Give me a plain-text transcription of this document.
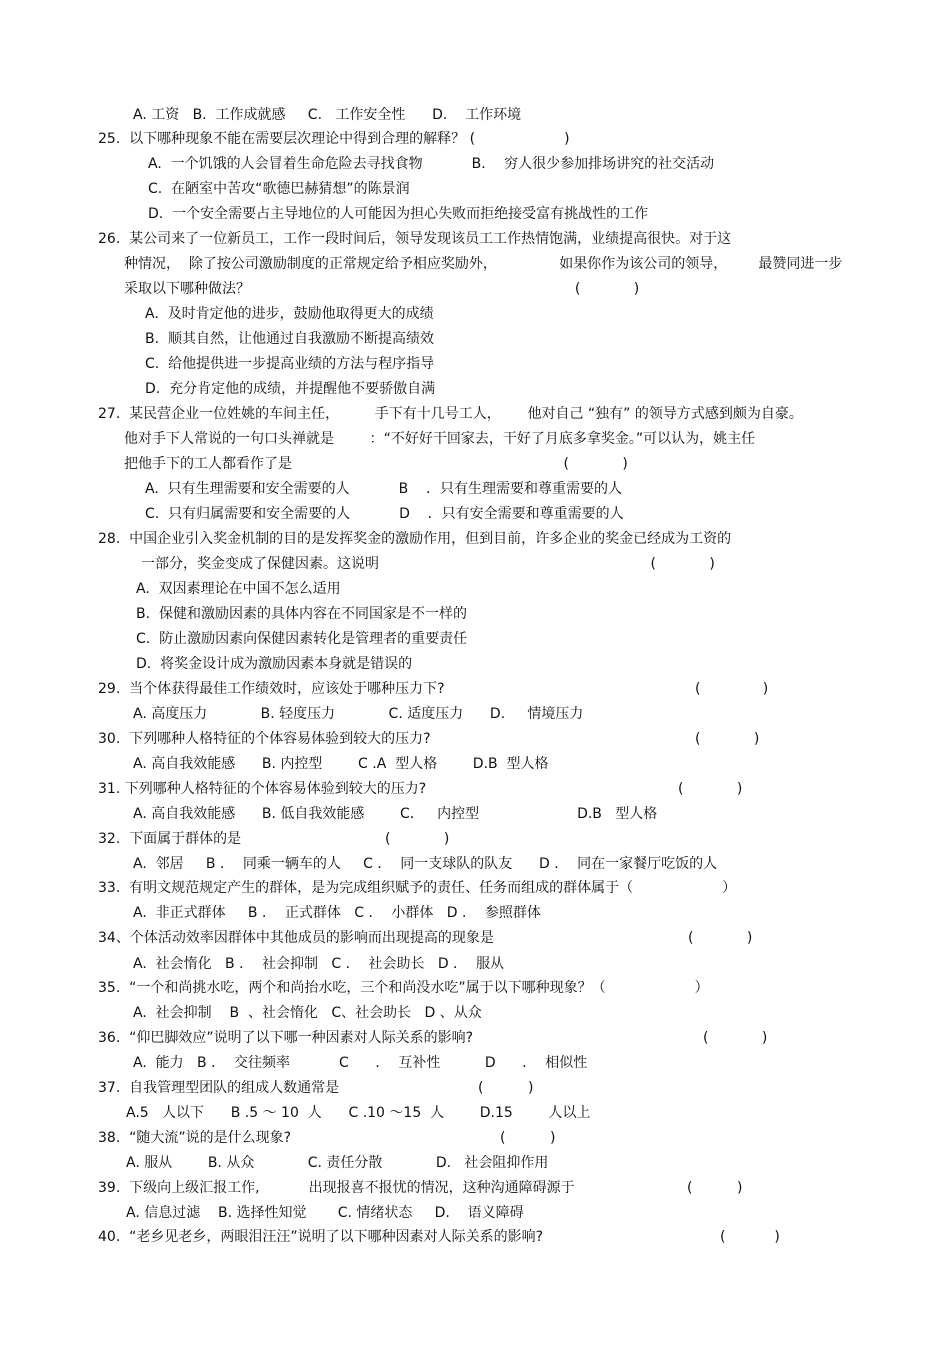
A. 工资   B.  工作成就感     C.   工作安全性      D.    工作环境
25.  以下哪种现象不能在需要层次理论中得到合理的解释？ (                    )
A.  一个饥饿的人会冒着生命危险去寻找食物           B．  穷人很少参加排场讲究的社交活动
C.  在陋室中苦攻“歌德巴赫猜想”的陈景润
D.  一个安全需要占主导地位的人可能因为担心失败而拒绝接受富有挑战性的工作
26.  某公司来了一位新员工，工作一段时间后，领导发现该员工工作热情饱满，业绩提高很快。对于这
种情况，  除了按公司激励制度的正常规定给予相应奖励外，              如果你作为该公司的领导，       最赞同进一步
采取以下哪种做法？                                                                         (            )
A.  及时肯定他的进步，鼓励他取得更大的成绩
B.  顺其自然，让他通过自我激励不断提高绩效
C.  给他提供进一步提高业绩的方法与程序指导
D.  充分肯定他的成绩，并提醒他不要骄傲自满
27.  某民营企业一位姓姚的车间主任，        手下有十几号工人，      他对自己 “独有” 的领导方式感到颇为自豪。
他对手下人常说的一句口头禅就是        ：“不好好干回家去，干好了月底多拿奖金。”可以认为，姚主任
把他手下的工人都看作了是                                                             (            )
A.  只有生理需要和安全需要的人           B    ．只有生理需要和尊重需要的人
C.  只有归属需要和安全需要的人           D    ．只有安全需要和尊重需要的人
28.  中国企业引入奖金机制的目的是发挥奖金的激励作用，但到目前，许多企业的奖金已经成为工资的
一部分，奖金变成了保健因素。这说明                                                             (            )
A.  双因素理论在中国不怎么适用
B.  保健和激励因素的具体内容在不同国家是不一样的
C.  防止激励因素向保健因素转化是管理者的重要责任
D.  将奖金设计成为激励因素本身就是错误的
29.  当个体获得最佳工作绩效时，应该处于哪种压力下?	(              )
A. 高度压力            B. 轻度压力            C. 适度压力      D.     情境压力
30.  下列哪种人格特征的个体容易体验到较大的压力?	(            )
A. 高自我效能感      B. 内控型        C .A  型人格        D.B  型人格
31. 下列哪种人格特征的个体容易体验到较大的压力?	(            )
A. 高自我效能感      B. 低自我效能感        C．   内控型                      D.B   型人格
32.  下面属于群体的是	(            )
A.  邻居     B ．  同乘一辆车的人     C ．  同一支球队的队友      D ．  同在一家餐厅吃饭的人
33.  有明文规范规定产生的群体，是为完成组织赋予的责任、任务而组成的群体属于（                    ）
A.  非正式群体     B ．  正式群体   C ．  小群体   D ．  参照群体
34、个体活动效率因群体中其他成员的影响而出现提高的现象是	(            )
A.  社会惰化   B ．  社会抑制   C ．  社会助长   D ．  服从
35.  “一个和尚挑水吃，两个和尚抬水吃，三个和尚没水吃”属于以下哪种现象？（                    ）
A.  社会抑制    B  、社会惰化   C、社会助长   D 、从众
36.  “仰巴脚效应”说明了以下哪一种因素对人际关系的影响?	(            )
A.  能力   B ．  交往频率           C      ．  互补性          D      ．  相似性
37.  自我管理型团队的组成人数通常是	(          )
A.5   人以下      B .5 ～ 10  人      C .10 ～15  人        D.15        人以上
38.  “随大流”说的是什么现象?	(          )
A. 服从        B. 从众            C. 责任分散            D.   社会阻抑作用
39.  下级向上级汇报工作,           出现报喜不报忧的情况，这种沟通障碍源于	(          )
A. 信息过滤    B. 选择性知觉       C. 情绪状态     D.    语义障碍
40.  “老乡见老乡，两眼泪汪汪”说明了以下哪种因素对人际关系的影响?	(           )
